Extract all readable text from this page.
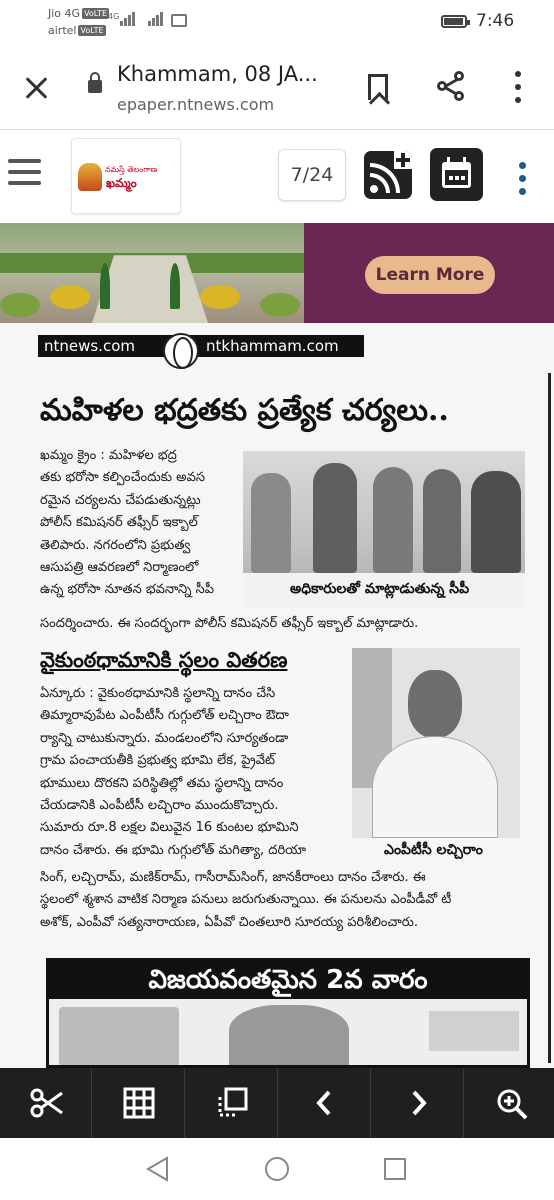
Jio 4G VoLTE
airtel VoLTE
4G	7:46
Khammam, 08 JA...
epaper.ntnews.com
నమస్తే తెలంగాణ
ఖమ్మం	7/24
Learn More
ntnews.com	ntkhammam.com
మహిళల భద్రతకు ప్రత్యేక చర్యలు..
ఖమ్మం క్రైం : మహిళల భద్ర
తకు భరోసా కల్పించేందుకు అవస
రమైన చర్యలను చేపడుతున్నట్లు
పోలీస్ కమిషనర్ తఫ్సీర్ ఇక్బాల్
తెలిపారు. నగరంలోని ప్రభుత్వ
ఆసుపత్రి ఆవరణలో నిర్మాణంలో
ఉన్న భరోసా నూతన భవనాన్ని సీపీ	అధికారులతో మాట్లాడుతున్న సీపీ
సందర్శించారు. ఈ సందర్భంగా పోలీస్ కమిషనర్ తఫ్సీర్ ఇక్బాల్ మాట్లాడారు.
వైకుంఠధామానికి స్థలం వితరణ
ఏన్కూరు : వైకుంఠధామానికి స్థలాన్ని దానం చేసి
తిమ్మారావుపేట ఎంపీటీసీ గుగ్గులోత్ లచ్చిరాం ఔదా
ర్యాన్ని చాటుకున్నారు. మండలంలోని సూర్యతండా
గ్రామ పంచాయతీకి ప్రభుత్వ భూమి లేక, ప్రైవేట్
భూములు దొరకని పరిస్థితిల్లో తమ స్థలాన్ని దానం
చేయడానికి ఎంపీటీసీ లచ్చిరాం ముందుకొచ్చారు.
సుమారు రూ.8 లక్షల విలువైన 16 కుంటల భూమిని
దానం చేశారు. ఈ భూమి గుగ్గులోత్ మగిత్యా, దరియా	ఎంపీటీసీ లచ్చిరాం
సింగ్, లచ్చిరామ్, మణిక్‌రామ్, గాసీరామ్‌సింగ్, జానకీరాంలు దానం చేశారు. ఈ
స్థలంలో శ్మశాన వాటిక నిర్మాణ పనులు జరుగుతున్నాయి. ఈ పనులను ఎంపీడీవో టీ
అశోక్, ఎంపీవో సత్యనారాయణ, ఏపీవో చింతలూరి సూరయ్య పరిశీలించారు.
విజయవంతమైన 2వ వారం
